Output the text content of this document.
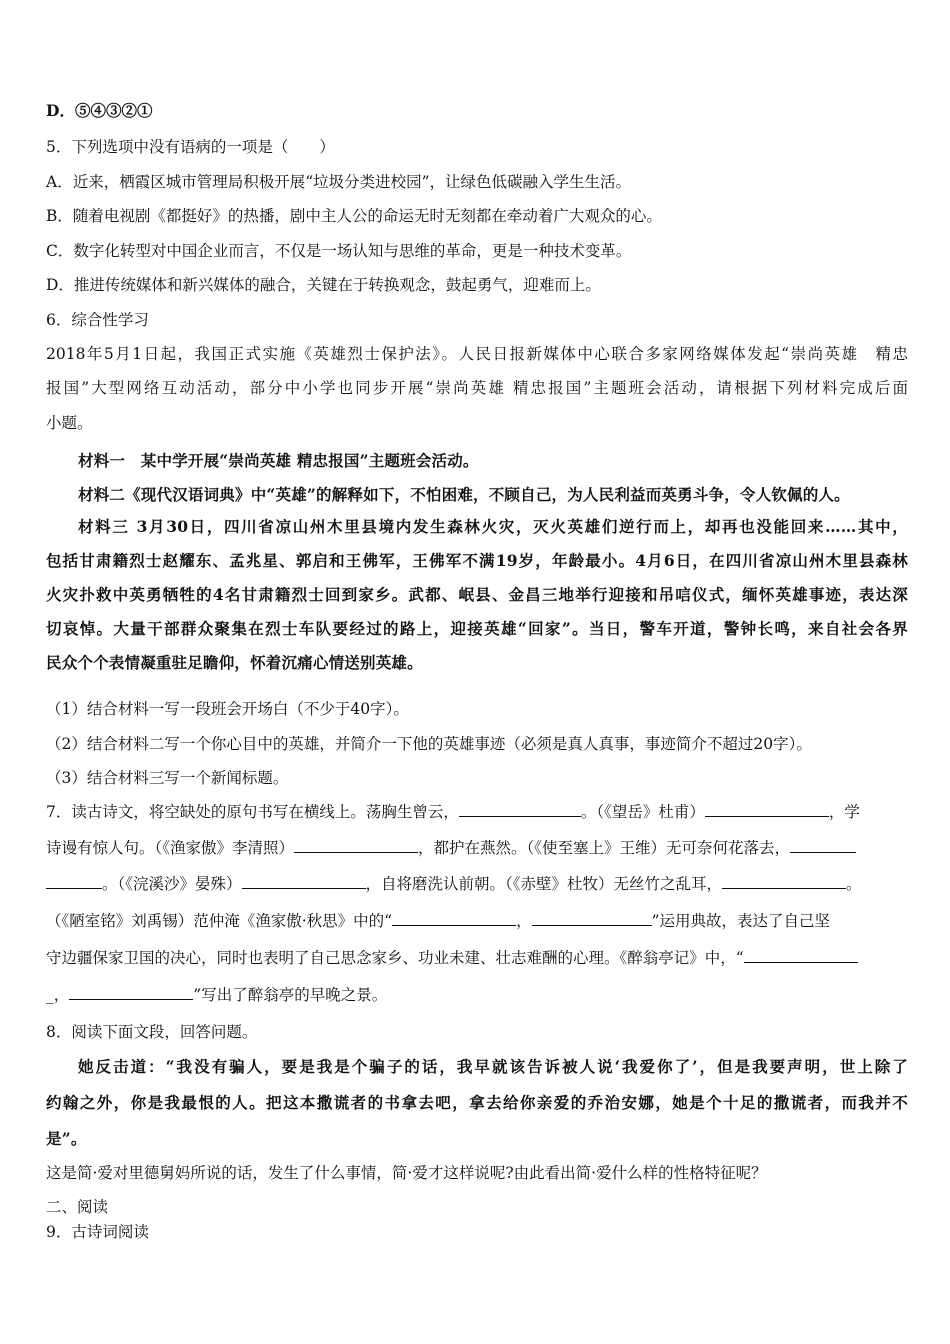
D．⑤④③②①
5．下列选项中没有语病的一项是（　　）
A．近来，栖霞区城市管理局积极开展“垃圾分类进校园”，让绿色低碳融入学生生活。
B．随着电视剧《都挺好》的热播，剧中主人公的命运无时无刻都在牵动着广大观众的心。
C．数字化转型对中国企业而言，不仅是一场认知与思维的革命，更是一种技术变革。
D．推进传统媒体和新兴媒体的融合，关键在于转换观念，鼓起勇气，迎难而上。
6．综合性学习
2018年5月1日起，我国正式实施《英雄烈士保护法》。人民日报新媒体中心联合多家网络媒体发起“崇尚英雄　精忠
报国”大型网络互动活动，部分中小学也同步开展“崇尚英雄 精忠报国”主题班会活动，请根据下列材料完成后面
小题。
材料一　某中学开展“崇尚英雄 精忠报国”主题班会活动。
材料二《现代汉语词典》中“英雄”的解释如下，不怕困难，不顾自己，为人民利益而英勇斗争，令人钦佩的人。
材料三 3月30日，四川省凉山州木里县境内发生森林火灾，灭火英雄们逆行而上，却再也没能回来……其中，
包括甘肃籍烈士赵耀东、孟兆星、郭启和王佛军，王佛军不满19岁，年龄最小。4月6日，在四川省凉山州木里县森林
火灾扑救中英勇牺牲的4名甘肃籍烈士回到家乡。武都、岷县、金昌三地举行迎接和吊唁仪式，缅怀英雄事迹，表达深
切哀悼。大量干部群众聚集在烈士车队要经过的路上，迎接英雄“回家”。当日，警车开道，警钟长鸣，来自社会各界
民众个个表情凝重驻足瞻仰，怀着沉痛心情送别英雄。
（1）结合材料一写一段班会开场白（不少于40字）。
（2）结合材料二写一个你心目中的英雄，并简介一下他的英雄事迹（必须是真人真事，事迹简介不超过20字）。
（3）结合材料三写一个新闻标题。
7．读古诗文，将空缺处的原句书写在横线上。荡胸生曾云，	。（《望岳》杜甫）	，学
诗谩有惊人句。（《渔家傲》李清照）	，都护在燕然。（《使至塞上》王维）无可奈何花落去，
。（《浣溪沙》晏殊）	，自将磨洗认前朝。（《赤壁》杜牧）无丝竹之乱耳，	。
（《陋室铭》刘禹锡）范仲淹《渔家傲·秋思》中的“	，	”运用典故，表达了自己坚
守边疆保家卫国的决心，同时也表明了自己思念家乡、功业未建、壮志难酬的心理。《醉翁亭记》中，“
_，	”写出了醉翁亭的早晚之景。
8．阅读下面文段，回答问题。
她反击道：“我没有骗人，要是我是个骗子的话，我早就该告诉被人说‘我爱你了’，但是我要声明，世上除了
约翰之外，你是我最恨的人。把这本撒谎者的书拿去吧，拿去给你亲爱的乔治安娜，她是个十足的撒谎者，而我并不
是”。
这是简·爱对里德舅妈所说的话，发生了什么事情，简·爱才这样说呢?由此看出简·爱什么样的性格特征呢？
二、阅读
9．古诗词阅读
